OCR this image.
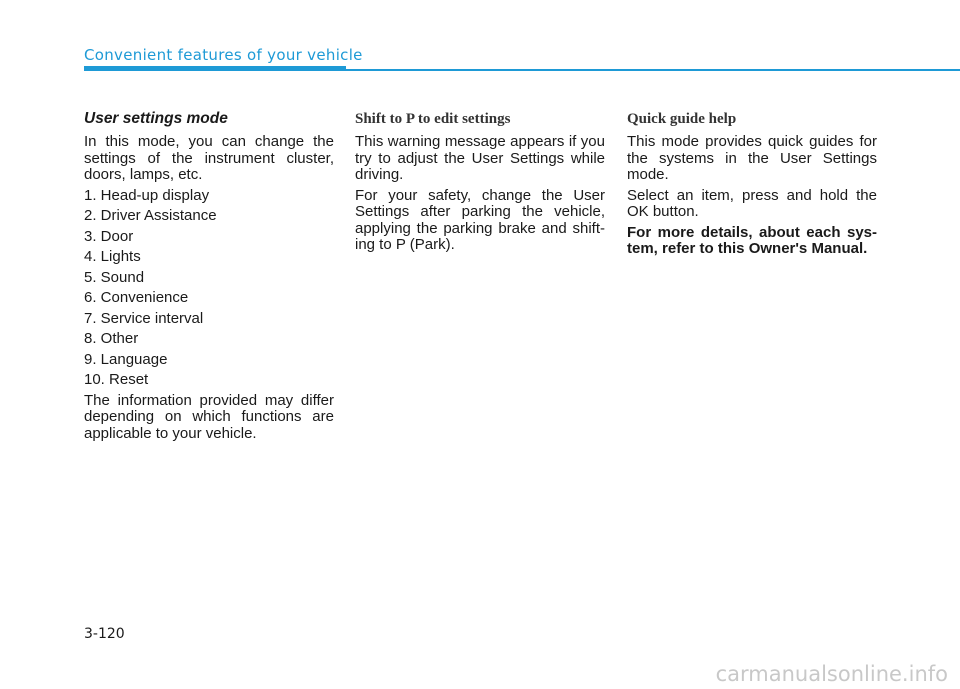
Convenient features of your vehicle
User settings mode

In this mode, you can change the settings of the instrument cluster, doors, lamps, etc.

1. Head-up display

2. Driver Assistance

3. Door

4. Lights

5. Sound

6. Convenience

7. Service interval

8. Other

9. Language

10. Reset

The information provided may differ depending on which functions are applicable to your vehicle.

Shift to P to edit settings

This warning message appears if you try to adjust the User Settings while driving.

For your safety, change the User Settings after parking the vehicle, applying the parking brake and shift- ing to P (Park).

Quick guide help

This mode provides quick guides for the systems in the User Settings mode.

Select an item, press and hold the OK button.

For more details, about each sys- tem, refer to this Owner's Manual.

3-120
carmanualsonline.info
